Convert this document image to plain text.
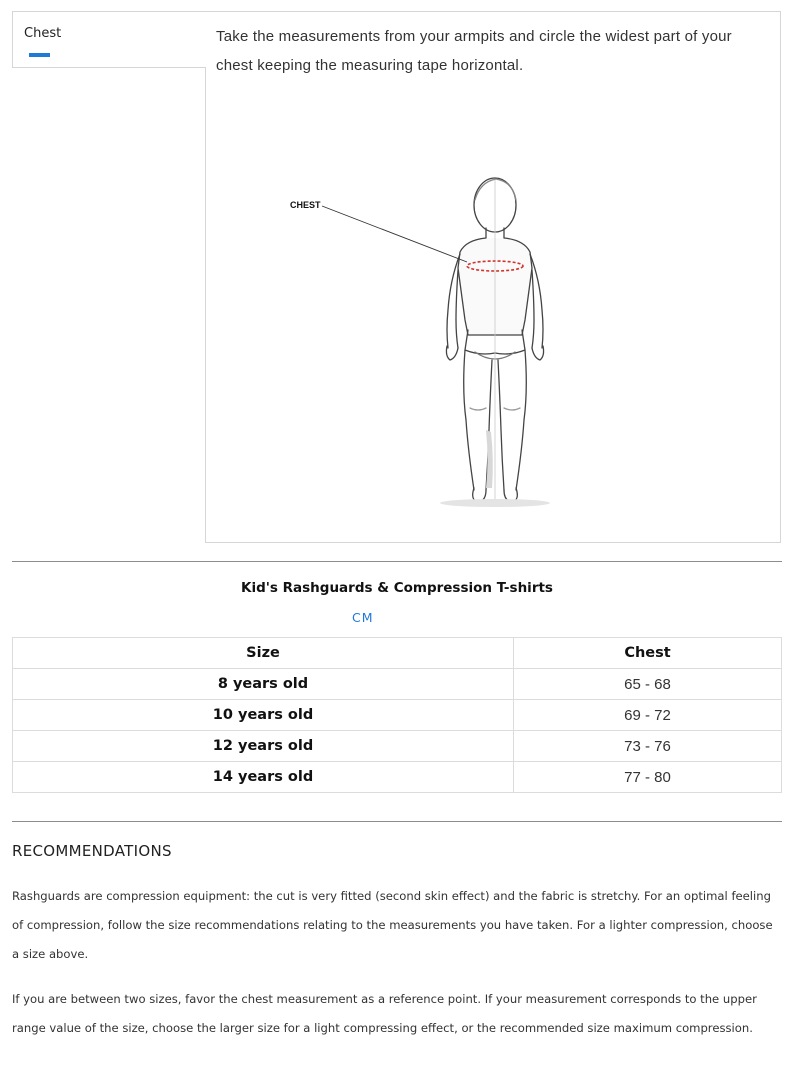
Chest	Take the measurements from your armpits and circle the widest part of your chest keeping the measuring tape horizontal.

CHEST
Kid's Rashguards & Compression T-shirts
CM
Size	Chest
8 years old	65 - 68
10 years old	69 - 72
12 years old	73 - 76
14 years old	77 - 80
RECOMMENDATIONS

Rashguards are compression equipment: the cut is very fitted (second skin effect) and the fabric is stretchy. For an optimal feeling of compression, follow the size recommendations relating to the measurements you have taken. For a lighter compression, choose a size above.

If you are between two sizes, favor the chest measurement as a reference point. If your measurement corresponds to the upper range value of the size, choose the larger size for a light compressing effect, or the recommended size maximum compression.
